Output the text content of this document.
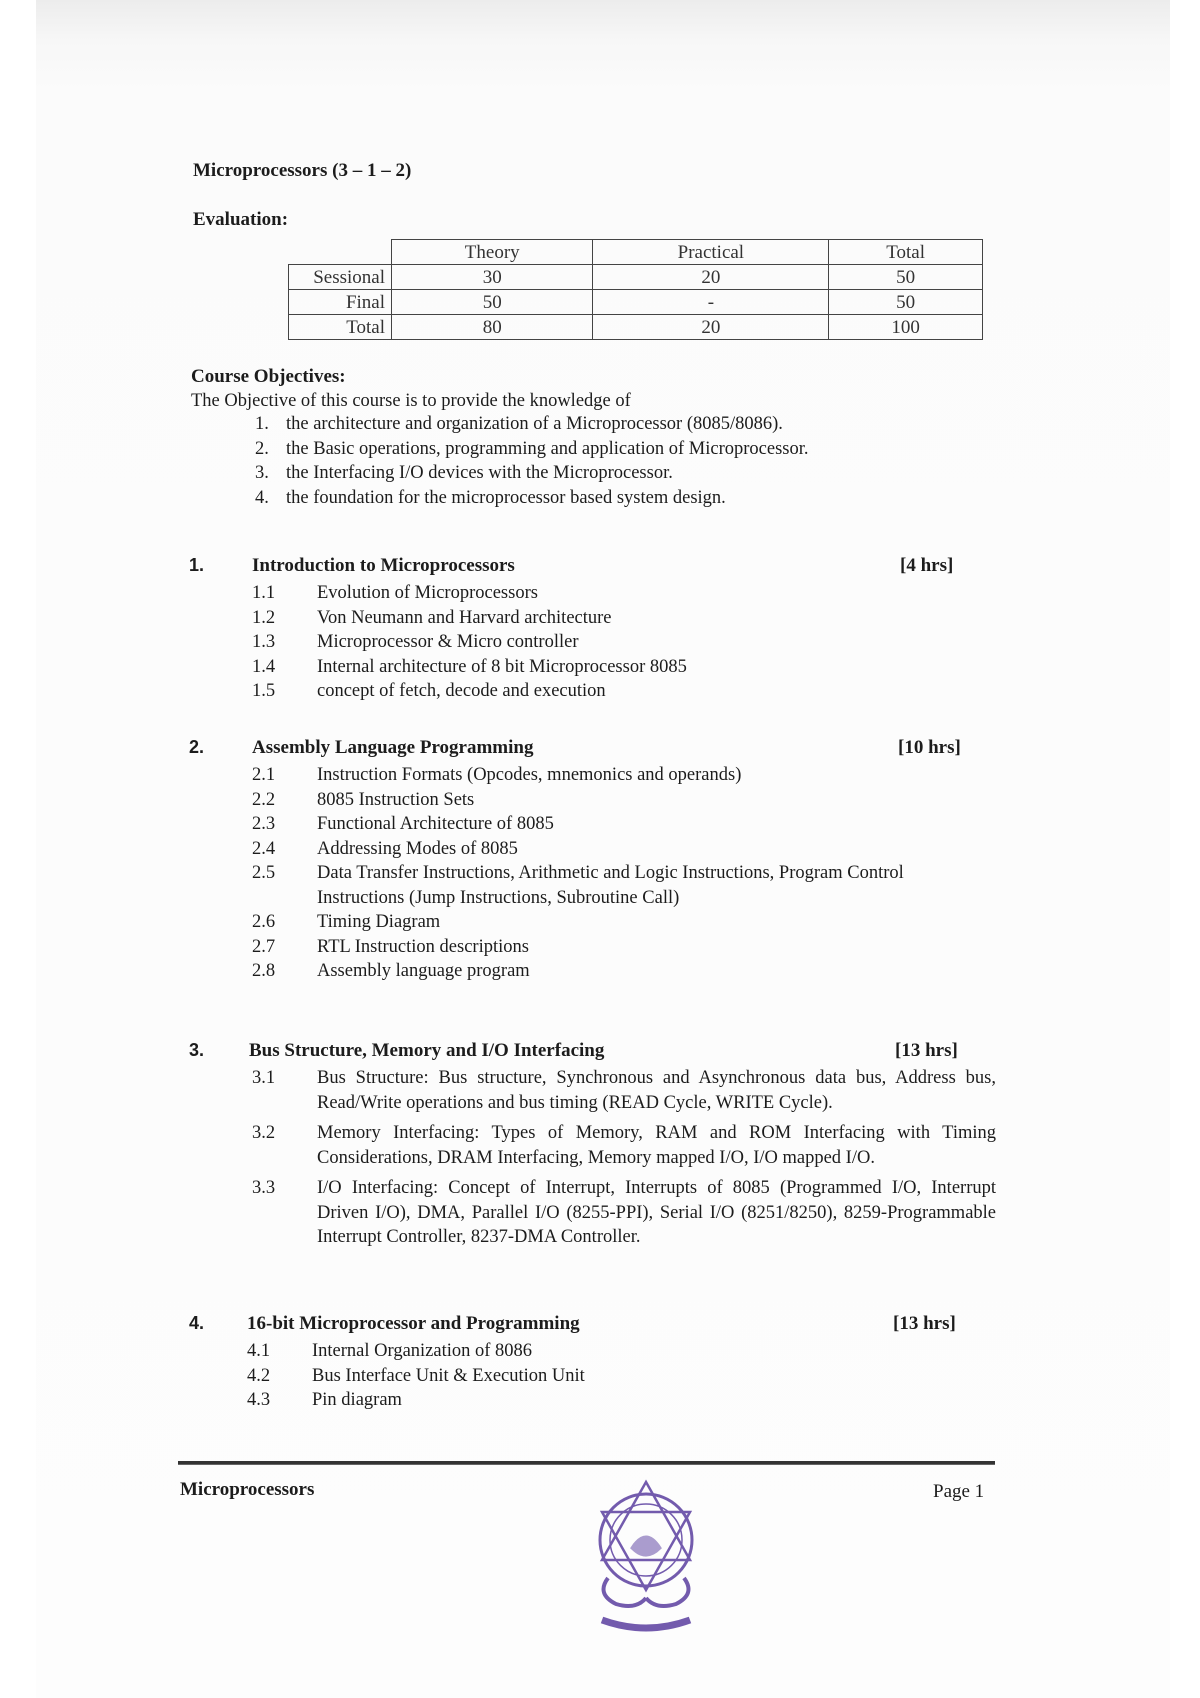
Microprocessors (3 – 1 – 2)
Evaluation:
	Theory	Practical	Total
Sessional	30	20	50
Final	50	-	50
Total	80	20	100
Course Objectives:
The Objective of this course is to provide the knowledge of
1. the architecture and organization of a Microprocessor (8085/8086).
2. the Basic operations, programming and application of Microprocessor.
3. the Interfacing I/O devices with the Microprocessor.
4. the foundation for the microprocessor based system design.
1.	Introduction to Microprocessors	[4 hrs]
1.1	Evolution of Microprocessors
1.2	Von Neumann and Harvard architecture
1.3	Microprocessor & Micro controller
1.4	Internal architecture of 8 bit Microprocessor 8085
1.5	concept of fetch, decode and execution
2.	Assembly Language Programming	[10 hrs]
2.1	Instruction Formats (Opcodes, mnemonics and operands)
2.2	8085 Instruction Sets
2.3	Functional Architecture of 8085
2.4	Addressing Modes of 8085
2.5	Data Transfer Instructions, Arithmetic and Logic Instructions, Program Control
Instructions (Jump Instructions, Subroutine Call)
2.6	Timing Diagram
2.7	RTL Instruction descriptions
2.8	Assembly language program
3. Bus Structure, Memory and I/O Interfacing	[13 hrs]
3.1	Bus Structure: Bus structure, Synchronous and Asynchronous data bus, Address bus, Read/Write operations and bus timing (READ Cycle, WRITE Cycle).
3.2	Memory Interfacing: Types of Memory, RAM and ROM Interfacing with Timing Considerations, DRAM Interfacing, Memory mapped I/O, I/O mapped I/O.
3.3	I/O Interfacing: Concept of Interrupt, Interrupts of 8085 (Programmed I/O, Interrupt Driven I/O), DMA, Parallel I/O (8255-PPI), Serial I/O (8251/8250), 8259-Programmable Interrupt Controller, 8237-DMA Controller.
4. 16-bit Microprocessor and Programming	[13 hrs]
4.1	Internal Organization of 8086
4.2	Bus Interface Unit & Execution Unit
4.3	Pin diagram
Microprocessors	Page 1
